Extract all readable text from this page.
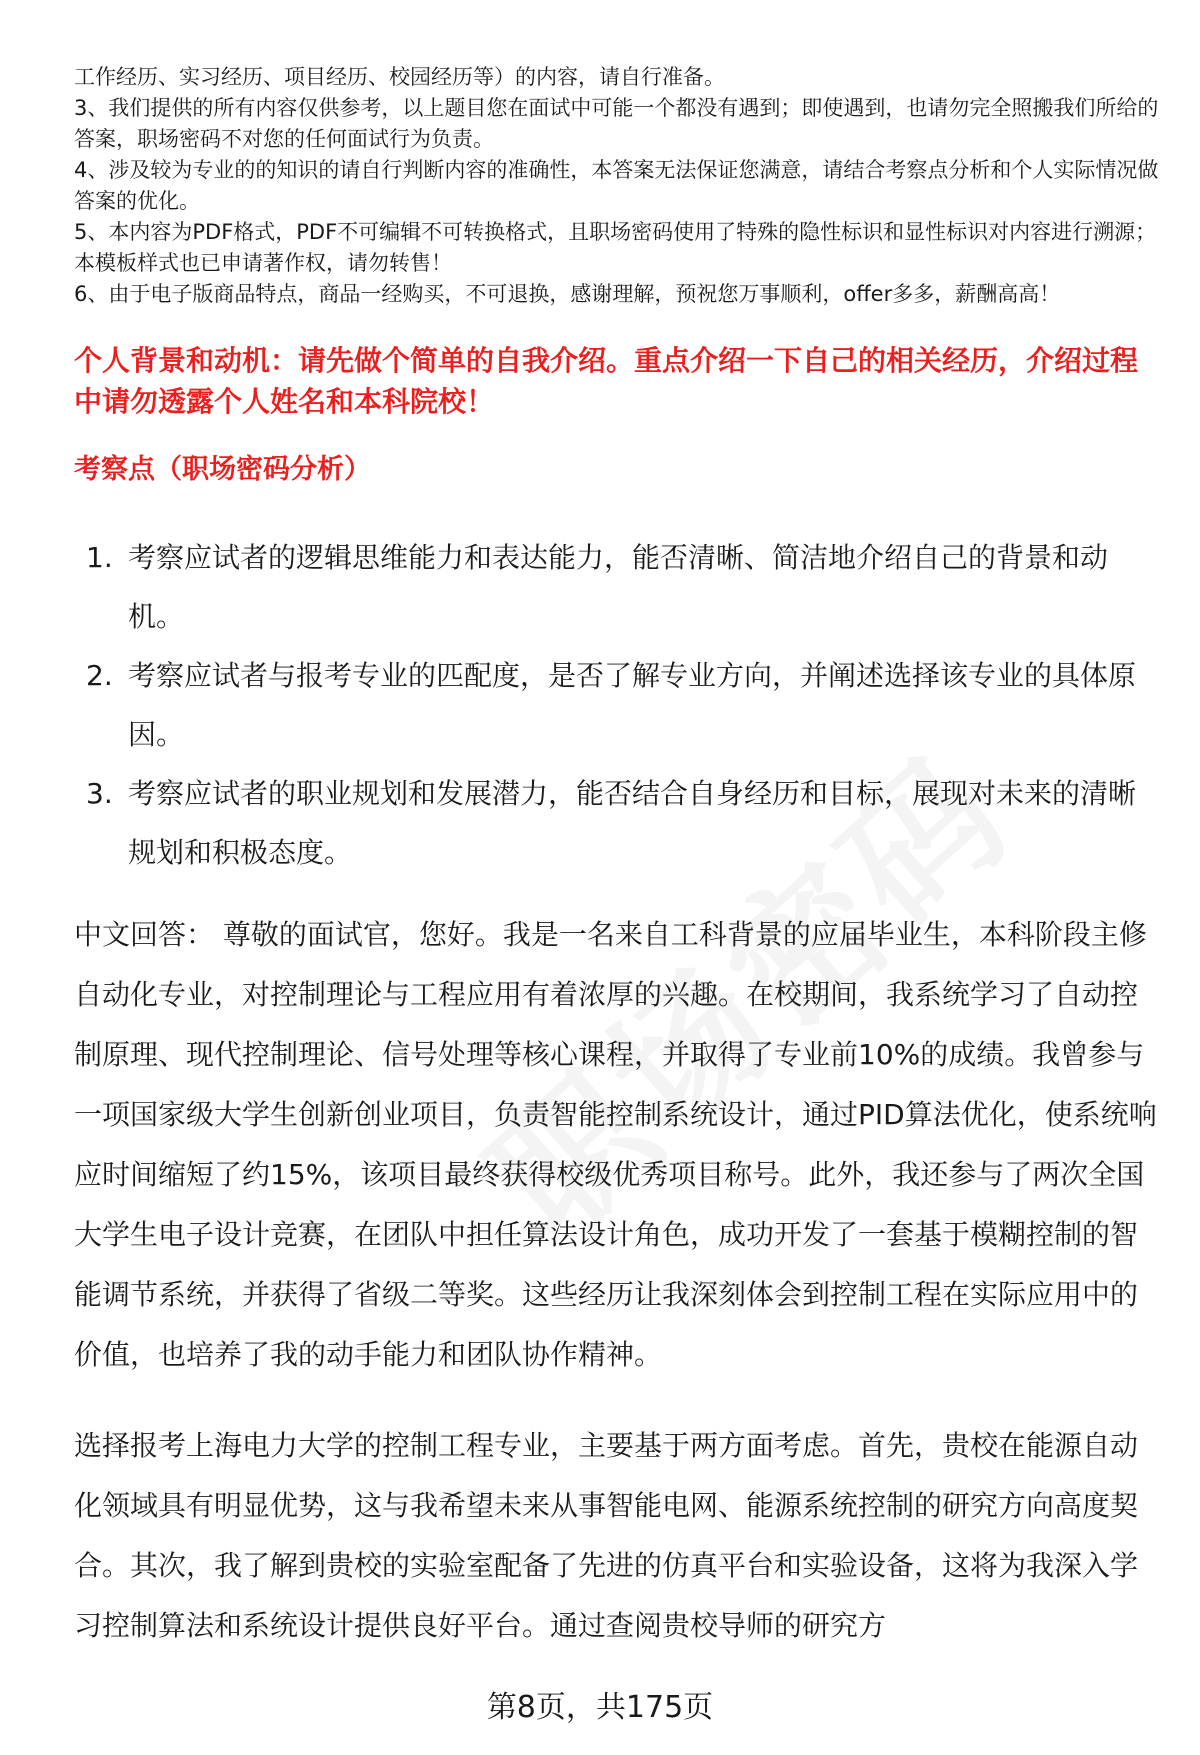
工作经历、实习经历、项目经历、校园经历等）的内容，请自行准备。

3、我们提供的所有内容仅供参考，以上题目您在面试中可能一个都没有遇到；即使遇到，也请勿完全照搬我们所给的答案，职场密码不对您的任何面试行为负责。

4、涉及较为专业的的知识的请自行判断内容的准确性，本答案无法保证您满意，请结合考察点分析和个人实际情况做答案的优化。

5、本内容为PDF格式，PDF不可编辑不可转换格式，且职场密码使用了特殊的隐性标识和显性标识对内容进行溯源；本模板样式也已申请著作权，请勿转售！

6、由于电子版商品特点，商品一经购买，不可退换，感谢理解，预祝您万事顺利，offer多多，薪酬高高！

个人背景和动机：请先做个简单的自我介绍。重点介绍一下自己的相关经历，介绍过程中请勿透露个人姓名和本科院校！

考察点（职场密码分析）

1. 考察应试者的逻辑思维能力和表达能力，能否清晰、简洁地介绍自己的背景和动机。
2. 考察应试者与报考专业的匹配度，是否了解专业方向，并阐述选择该专业的具体原因。
3. 考察应试者的职业规划和发展潜力，能否结合自身经历和目标，展现对未来的清晰规划和积极态度。

中文回答： 尊敬的面试官，您好。我是一名来自工科背景的应届毕业生，本科阶段主修自动化专业，对控制理论与工程应用有着浓厚的兴趣。在校期间，我系统学习了自动控制原理、现代控制理论、信号处理等核心课程，并取得了专业前10%的成绩。我曾参与一项国家级大学生创新创业项目，负责智能控制系统设计，通过PID算法优化，使系统响应时间缩短了约15%，该项目最终获得校级优秀项目称号。此外，我还参与了两次全国大学生电子设计竞赛，在团队中担任算法设计角色，成功开发了一套基于模糊控制的智能调节系统，并获得了省级二等奖。这些经历让我深刻体会到控制工程在实际应用中的价值，也培养了我的动手能力和团队协作精神。

选择报考上海电力大学的控制工程专业，主要基于两方面考虑。首先，贵校在能源自动化领域具有明显优势，这与我希望未来从事智能电网、能源系统控制的研究方向高度契合。其次，我了解到贵校的实验室配备了先进的仿真平台和实验设备，这将为我深入学习控制算法和系统设计提供良好平台。通过查阅贵校导师的研究方

第8页，共175页
